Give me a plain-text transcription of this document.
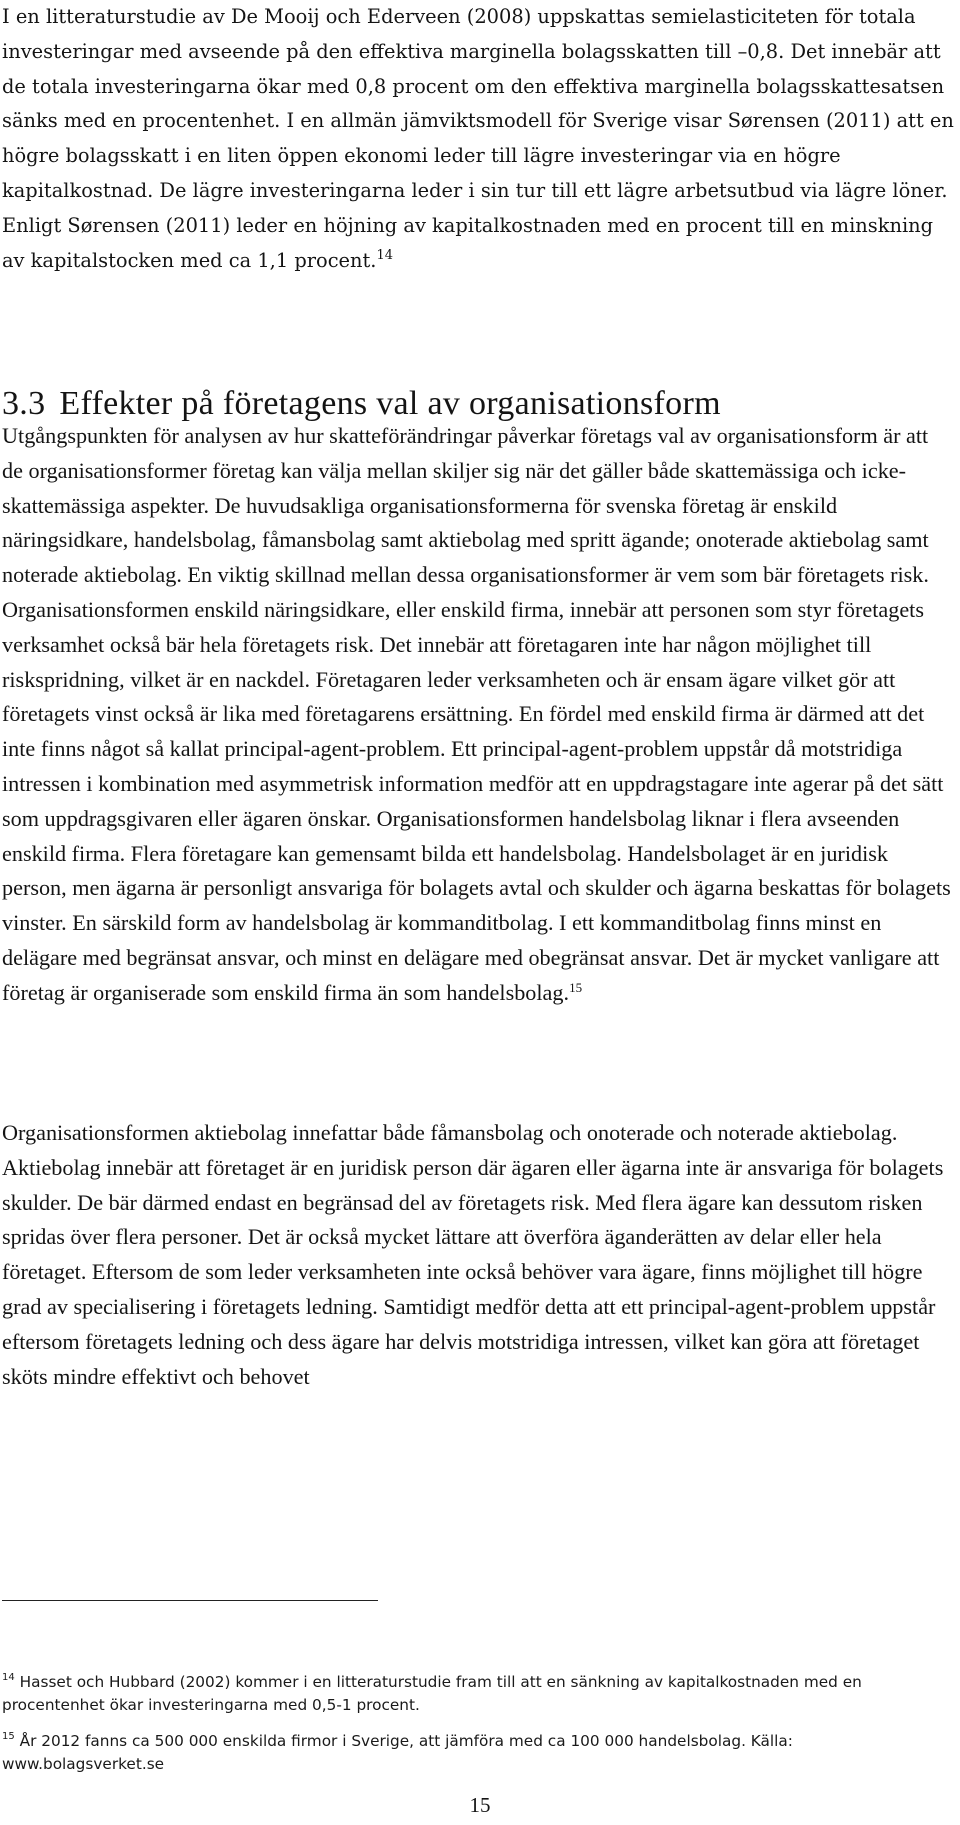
I en litteraturstudie av De Mooij och Ederveen (2008) uppskattas semielasticiteten för totala investeringar med avseende på den effektiva marginella bolagsskatten till –0,8. Det innebär att de totala investeringarna ökar med 0,8 procent om den effektiva marginella bolagsskattesatsen sänks med en procentenhet. I en allmän jämviktsmodell för Sverige visar Sørensen (2011) att en högre bolagsskatt i en liten öppen ekonomi leder till lägre investeringar via en högre kapitalkostnad. De lägre investeringarna leder i sin tur till ett lägre arbetsutbud via lägre löner. Enligt Sørensen (2011) leder en höjning av kapitalkostnaden med en procent till en minskning av kapitalstocken med ca 1,1 procent.$^{14}$

3.3 Effekter på företagens val av organisationsform

Utgångspunkten för analysen av hur skatteförändringar påverkar företags val av organisationsform är att de organisationsformer företag kan välja mellan skiljer sig när det gäller både skattemässiga och icke-skattemässiga aspekter. De huvudsakliga organisationsformerna för svenska företag är enskild näringsidkare, handelsbolag, fåmansbolag samt aktiebolag med spritt ägande; onoterade aktiebolag samt noterade aktiebolag. En viktig skillnad mellan dessa organisationsformer är vem som bär företagets risk. Organisationsformen enskild näringsidkare, eller enskild firma, innebär att personen som styr företagets verksamhet också bär hela företagets risk. Det innebär att företagaren inte har någon möjlighet till riskspridning, vilket är en nackdel. Företagaren leder verksamheten och är ensam ägare vilket gör att företagets vinst också är lika med företagarens ersättning. En fördel med enskild firma är därmed att det inte finns något så kallat principal-agent-problem. Ett principal-agent-problem uppstår då motstridiga intressen i kombination med asymmetrisk information medför att en uppdragstagare inte agerar på det sätt som uppdragsgivaren eller ägaren önskar. Organisationsformen handelsbolag liknar i flera avseenden enskild firma. Flera företagare kan gemensamt bilda ett handelsbolag. Handelsbolaget är en juridisk person, men ägarna är personligt ansvariga för bolagets avtal och skulder och ägarna beskattas för bolagets vinster. En särskild form av handelsbolag är kommanditbolag. I ett kommanditbolag finns minst en delägare med begränsat ansvar, och minst en delägare med obegränsat ansvar. Det är mycket vanligare att företag är organiserade som enskild firma än som handelsbolag.$^{15}$

Organisationsformen aktiebolag innefattar både fåmansbolag och onoterade och noterade aktiebolag. Aktiebolag innebär att företaget är en juridisk person där ägaren eller ägarna inte är ansvariga för bolagets skulder. De bär därmed endast en begränsad del av företagets risk. Med flera ägare kan dessutom risken spridas över flera personer. Det är också mycket lättare att överföra äganderätten av delar eller hela företaget. Eftersom de som leder verksamheten inte också behöver vara ägare, finns möjlighet till högre grad av specialisering i företagets ledning. Samtidigt medför detta att ett principal-agent-problem uppstår eftersom företagets ledning och dess ägare har delvis motstridiga intressen, vilket kan göra att företaget sköts mindre effektivt och behovet

$^{14}$ Hasset och Hubbard (2002) kommer i en litteraturstudie fram till att en sänkning av kapitalkostnaden med en procentenhet ökar investeringarna med 0,5-1 procent.

$^{15}$ År 2012 fanns ca 500 000 enskilda firmor i Sverige, att jämföra med ca 100 000 handelsbolag. Källa: www.bolagsverket.se

15
